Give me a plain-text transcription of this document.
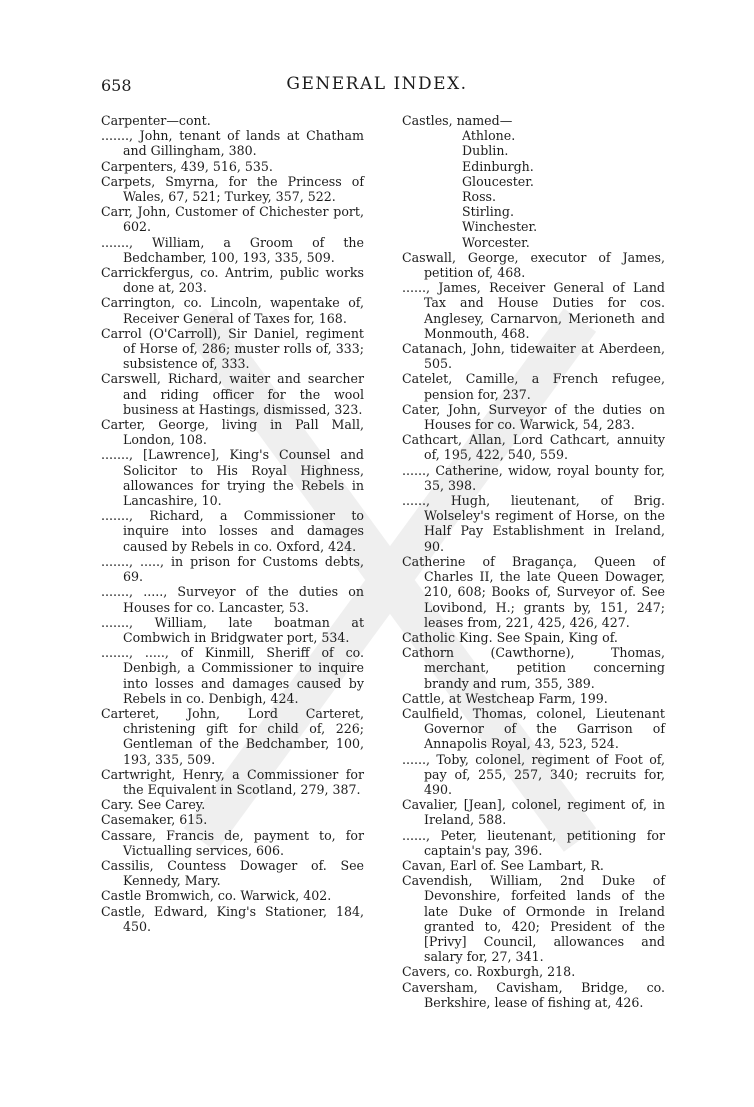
658	GENERAL INDEX.

Carpenter—cont.

......., John, tenant of lands at Chatham and Gillingham, 380.

Carpenters, 439, 516, 535.

Carpets, Smyrna, for the Princess of Wales, 67, 521; Turkey, 357, 522.

Carr, John, Customer of Chichester port, 602.

......., William, a Groom of the Bedchamber, 100, 193, 335, 509.

Carrickfergus, co. Antrim, public works done at, 203.

Carrington, co. Lincoln, wapentake of, Receiver General of Taxes for, 168.

Carrol (O'Carroll), Sir Daniel, regiment of Horse of, 286; muster rolls of, 333; subsistence of, 333.

Carswell, Richard, waiter and searcher and riding officer for the wool business at Hastings, dismissed, 323.

Carter, George, living in Pall Mall, London, 108.

......., [Lawrence], King's Counsel and Solicitor to His Royal Highness, allowances for trying the Rebels in Lancashire, 10.

......., Richard, a Commissioner to inquire into losses and damages caused by Rebels in co. Oxford, 424.

......., ....., in prison for Customs debts, 69.

......., ....., Surveyor of the duties on Houses for co. Lancaster, 53.

......., William, late boatman at Combwich in Bridgwater port, 534.

......., ....., of Kinmill, Sheriff of co. Denbigh, a Commissioner to inquire into losses and damages caused by Rebels in co. Denbigh, 424.

Carteret, John, Lord Carteret, christening gift for child of, 226; Gentleman of the Bedchamber, 100, 193, 335, 509.

Cartwright, Henry, a Commissioner for the Equivalent in Scotland, 279, 387.

Cary. See Carey.

Casemaker, 615.

Cassare, Francis de, payment to, for Victualling services, 606.

Cassilis, Countess Dowager of. See Kennedy, Mary.

Castle Bromwich, co. Warwick, 402.

Castle, Edward, King's Stationer, 184, 450.

Castles, named—

Athlone.

Dublin.

Edinburgh.

Gloucester.

Ross.

Stirling.

Winchester.

Worcester.

Caswall, George, executor of James, petition of, 468.

......, James, Receiver General of Land Tax and House Duties for cos. Anglesey, Carnarvon, Merioneth and Monmouth, 468.

Catanach, John, tidewaiter at Aberdeen, 505.

Catelet, Camille, a French refugee, pension for, 237.

Cater, John, Surveyor of the duties on Houses for co. Warwick, 54, 283.

Cathcart, Allan, Lord Cathcart, annuity of, 195, 422, 540, 559.

......, Catherine, widow, royal bounty for, 35, 398.

......, Hugh, lieutenant, of Brig. Wolseley's regiment of Horse, on the Half Pay Establishment in Ireland, 90.

Catherine of Bragança, Queen of Charles II, the late Queen Dowager, 210, 608; Books of, Surveyor of. See Lovibond, H.; grants by, 151, 247; leases from, 221, 425, 426, 427.

Catholic King. See Spain, King of.

Cathorn (Cawthorne), Thomas, merchant, petition concerning brandy and rum, 355, 389.

Cattle, at Westcheap Farm, 199.

Caulfield, Thomas, colonel, Lieutenant Governor of the Garrison of Annapolis Royal, 43, 523, 524.

......, Toby, colonel, regiment of Foot of, pay of, 255, 257, 340; recruits for, 490.

Cavalier, [Jean], colonel, regiment of, in Ireland, 588.

......, Peter, lieutenant, petitioning for captain's pay, 396.

Cavan, Earl of. See Lambart, R.

Cavendish, William, 2nd Duke of Devonshire, forfeited lands of the late Duke of Ormonde in Ireland granted to, 420; President of the [Privy] Council, allowances and salary for, 27, 341.

Cavers, co. Roxburgh, 218.

Caversham, Cavisham, Bridge, co. Berkshire, lease of fishing at, 426.
